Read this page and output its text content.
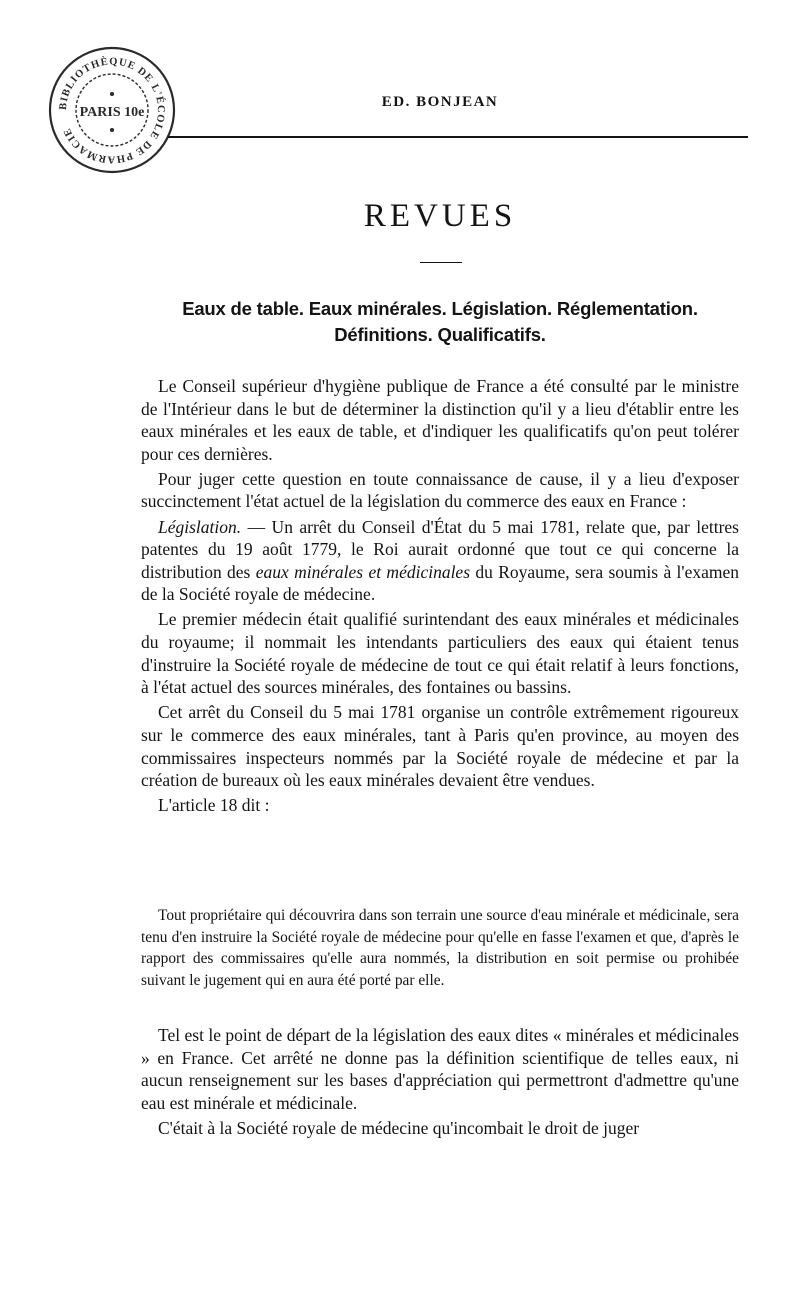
BIBLIOTHÈQUE DE L'ÉCOLE DE PHARMACIE
PARIS 10e
ED. BONJEAN
REVUES
Eaux de table. Eaux minérales. Législation. Réglementation.
Définitions. Qualificatifs.

Le Conseil supérieur d'hygiène publique de France a été consulté par le ministre de l'Intérieur dans le but de déterminer la distinction qu'il y a lieu d'établir entre les eaux minérales et les eaux de table, et d'indiquer les qualificatifs qu'on peut tolérer pour ces dernières.

Pour juger cette question en toute connaissance de cause, il y a lieu d'exposer succinctement l'état actuel de la législation du commerce des eaux en France :

Législation. — Un arrêt du Conseil d'État du 5 mai 1781, relate que, par lettres patentes du 19 août 1779, le Roi aurait ordonné que tout ce qui concerne la distribution des eaux minérales et médicinales du Royaume, sera soumis à l'examen de la Société royale de médecine.

Le premier médecin était qualifié surintendant des eaux minérales et médicinales du royaume; il nommait les intendants particuliers des eaux qui étaient tenus d'instruire la Société royale de médecine de tout ce qui était relatif à leurs fonctions, à l'état actuel des sources minérales, des fontaines ou bassins.

Cet arrêt du Conseil du 5 mai 1781 organise un contrôle extrêmement rigoureux sur le commerce des eaux minérales, tant à Paris qu'en province, au moyen des commissaires inspecteurs nommés par la Société royale de médecine et par la création de bureaux où les eaux minérales devaient être vendues.

L'article 18 dit :

Tout propriétaire qui découvrira dans son terrain une source d'eau minérale et médicinale, sera tenu d'en instruire la Société royale de médecine pour qu'elle en fasse l'examen et que, d'après le rapport des commissaires qu'elle aura nommés, la distribution en soit permise ou prohibée suivant le jugement qui en aura été porté par elle.

Tel est le point de départ de la législation des eaux dites « minérales et médicinales » en France. Cet arrêté ne donne pas la définition scientifique de telles eaux, ni aucun renseignement sur les bases d'appréciation qui permettront d'admettre qu'une eau est minérale et médicinale.

C'était à la Société royale de médecine qu'incombait le droit de juger
